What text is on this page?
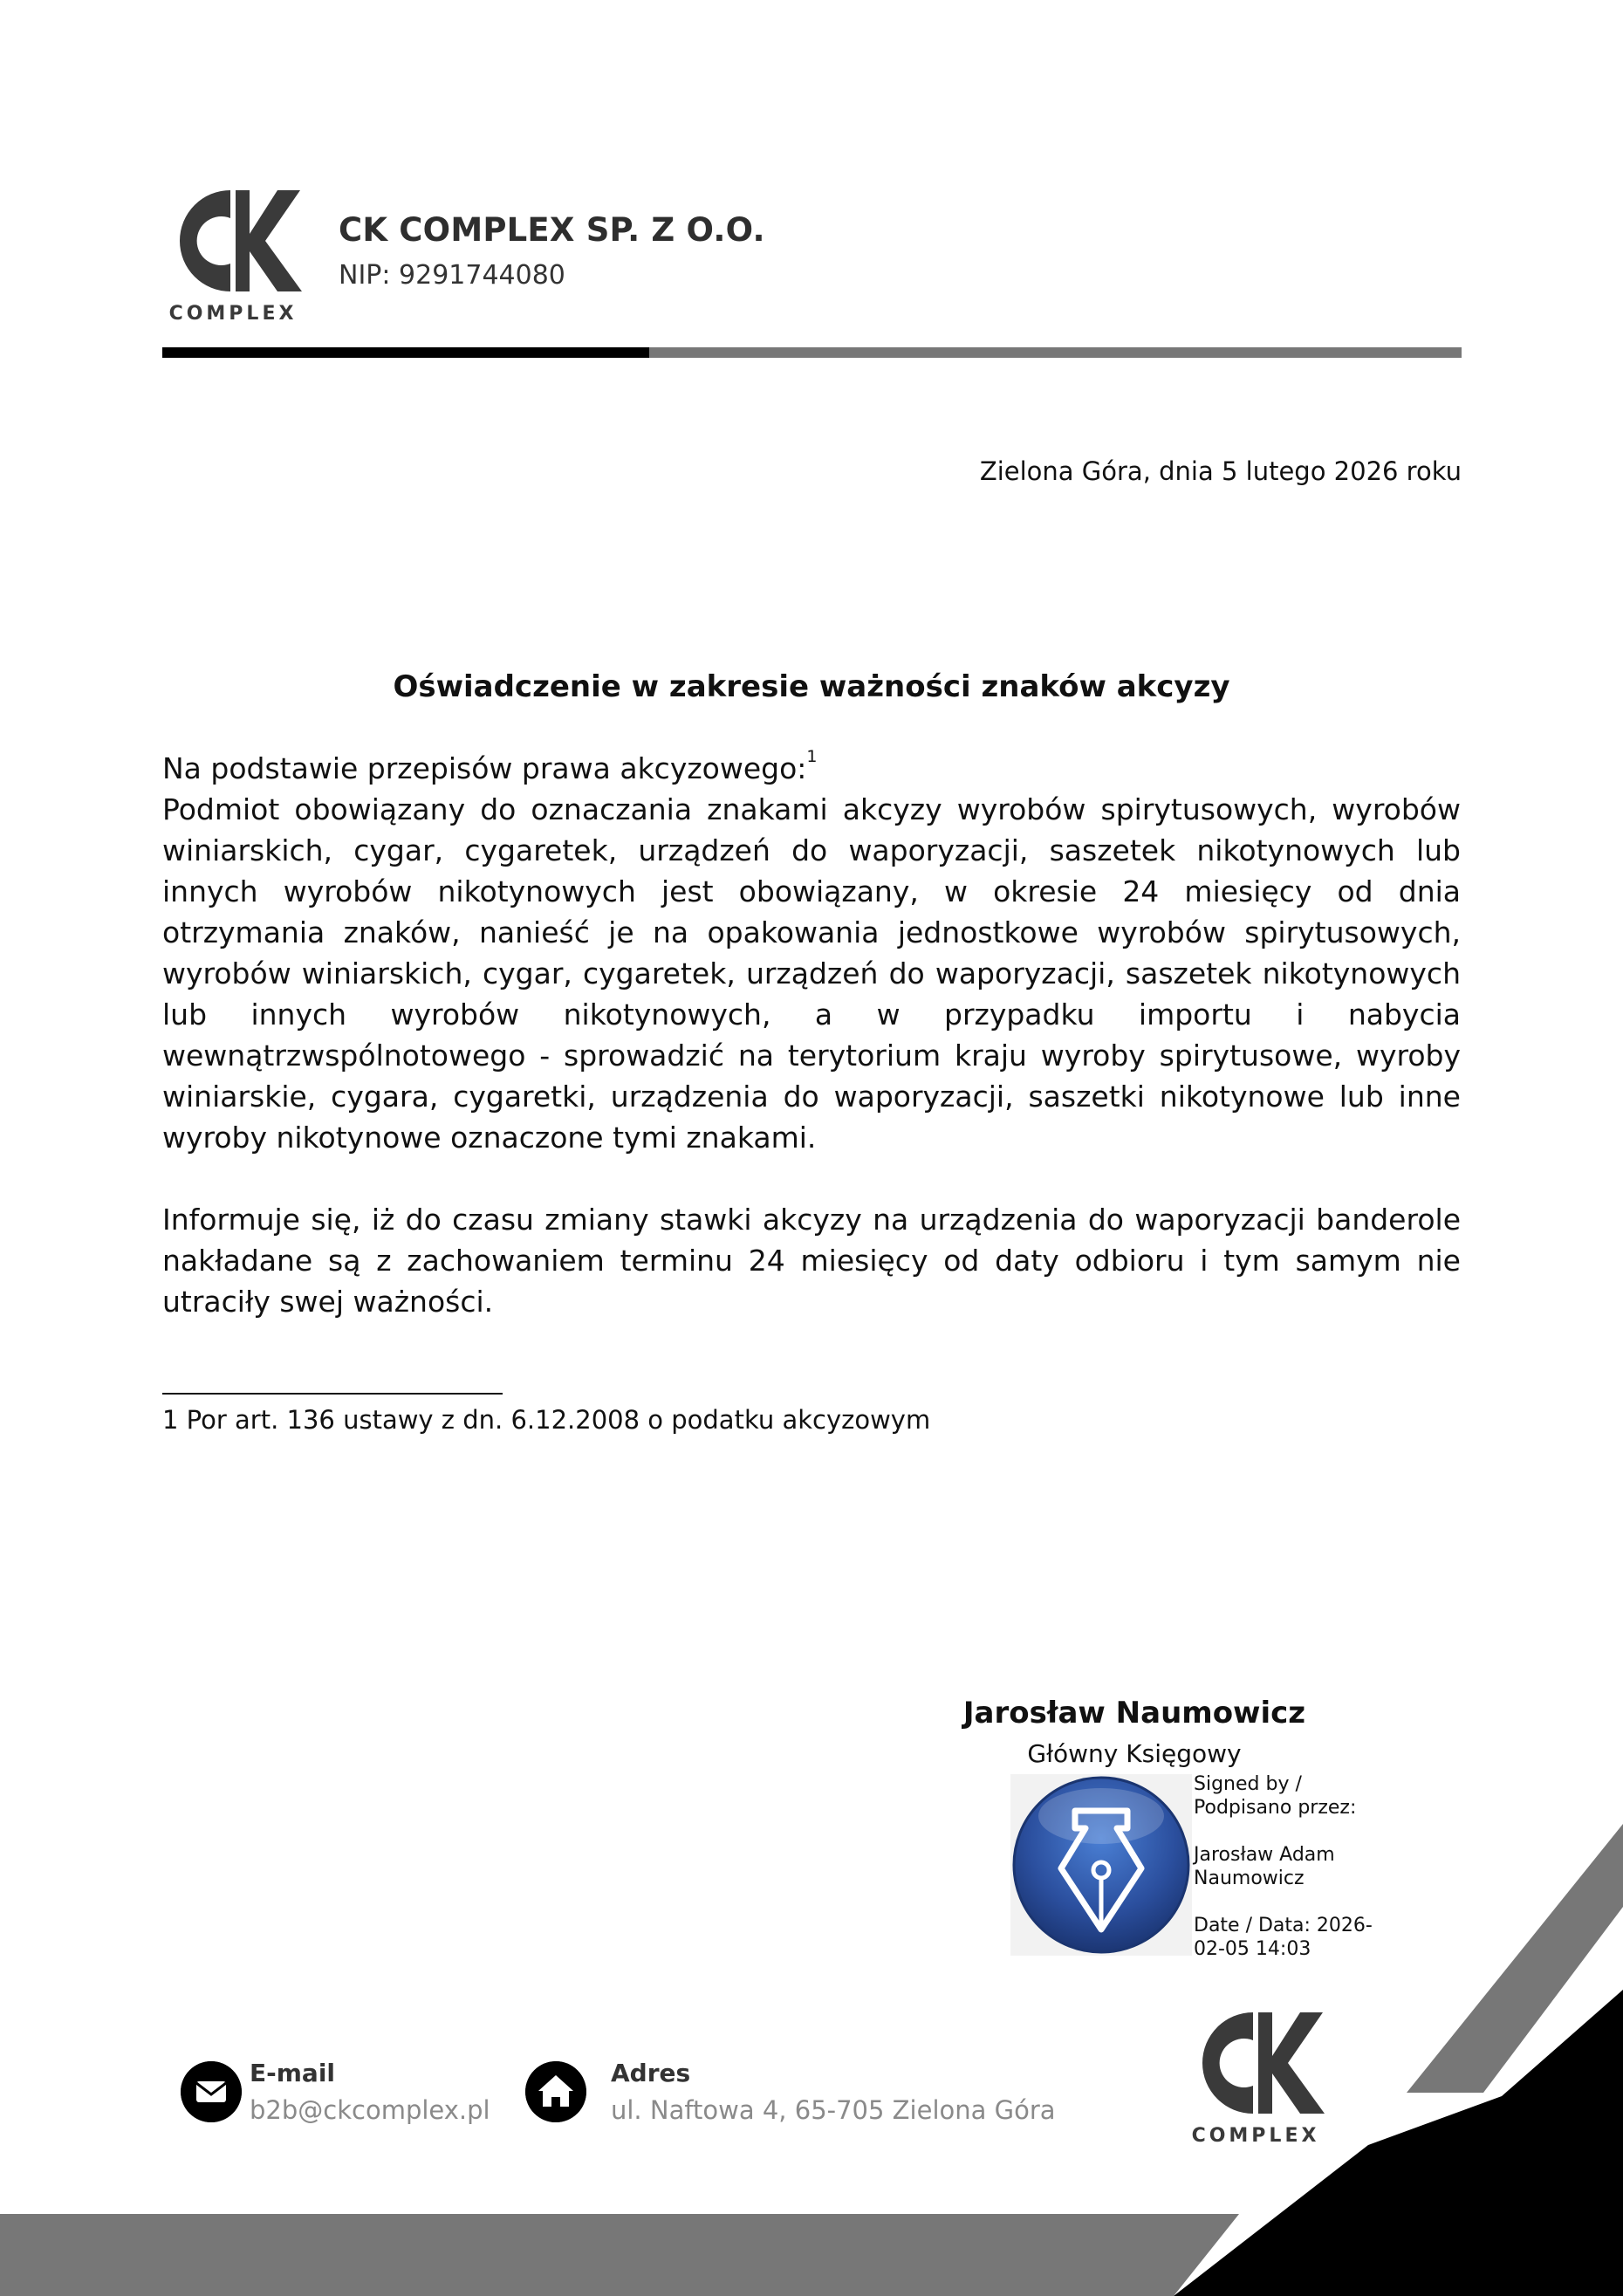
COMPLEX
CK COMPLEX SP. Z O.O.
NIP: 9291744080
Zielona Góra, dnia 5 lutego 2026 roku
Oświadczenie w zakresie ważności znaków akcyzy
Na podstawie przepisów prawa akcyzowego:$^1$
Podmiot obowiązany do oznaczania znakami akcyzy wyrobów spirytusowych, wyrobów winiarskich, cygar, cygaretek, urządzeń do waporyzacji, saszetek nikotynowych lub innych wyrobów nikotynowych jest obowiązany, w okresie 24 miesięcy od dnia otrzymania znaków, nanieść je na opakowania jednostkowe wyrobów spirytusowych, wyrobów winiarskich, cygar, cygaretek, urządzeń do waporyzacji, saszetek nikotynowych lub innych wyrobów nikotynowych, a w przypadku importu i nabycia wewnątrzwspólnotowego - sprowadzić na terytorium kraju wyroby spirytusowe, wyroby winiarskie, cygara, cygaretki, urządzenia do waporyzacji, saszetki nikotynowe lub inne wyroby nikotynowe oznaczone tymi znakami.
Informuje się, iż do czasu zmiany stawki akcyzy na urządzenia do waporyzacji banderole nakładane są z zachowaniem terminu 24 miesięcy od daty odbioru i tym samym nie utraciły swej ważności.
1 Por art. 136 ustawy z dn. 6.12.2008 o podatku akcyzowym
Jarosław Naumowicz
Główny Księgowy
Signed by /
Podpisano przez:
Jarosław Adam
Naumowicz
Date / Data: 2026-
02-05 14:03
E-mail
b2b@ckcomplex.pl
Adres
ul. Naftowa 4, 65-705 Zielona Góra
COMPLEX
